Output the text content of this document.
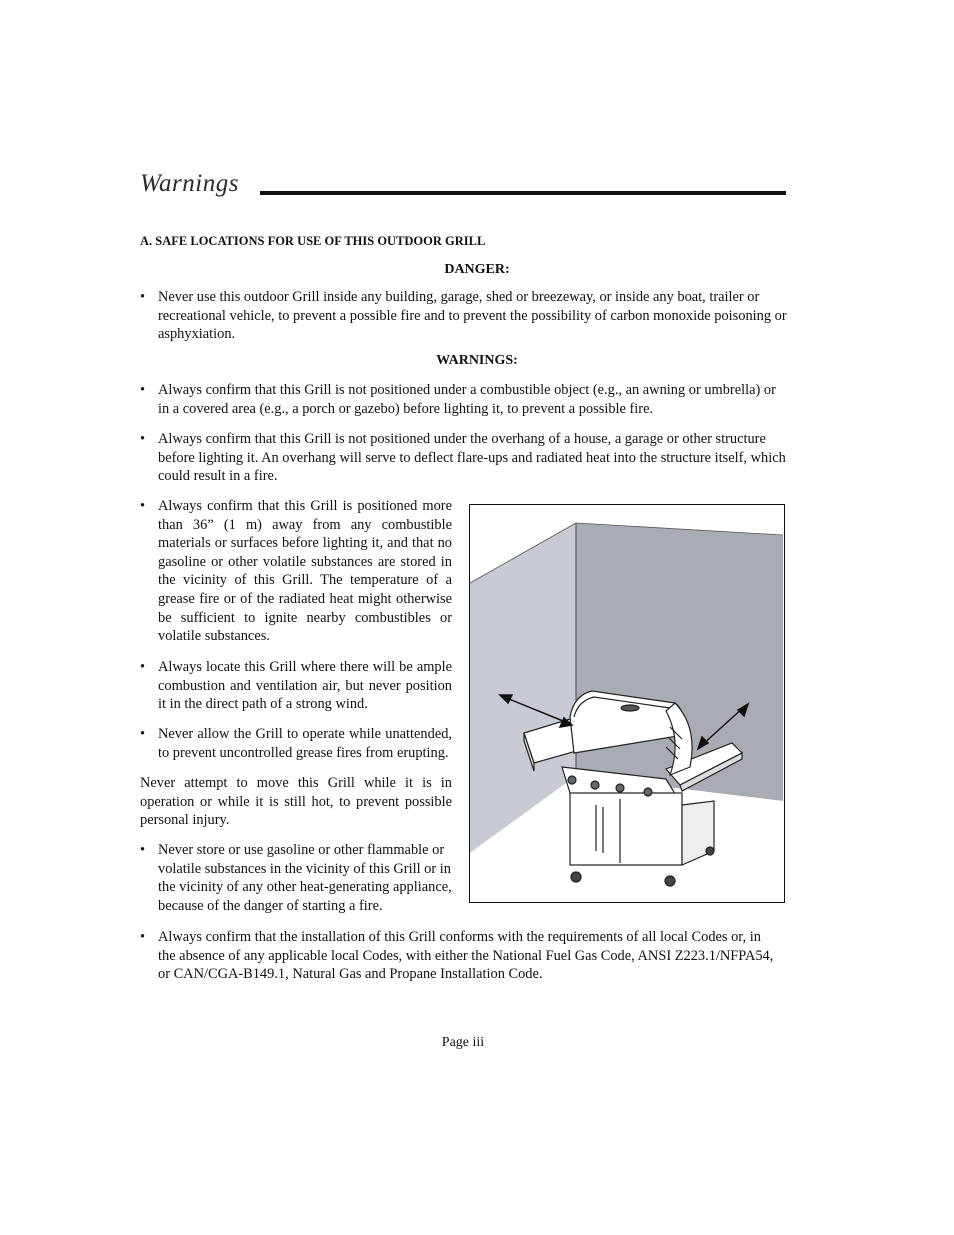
Warnings
A. SAFE LOCATIONS FOR USE OF THIS OUTDOOR GRILL
DANGER:
• Never use this outdoor Grill inside any building, garage, shed or breezeway, or inside any boat, trailer or recreational vehicle, to prevent a possible fire and to prevent the possibility of carbon monoxide poisoning or asphyxiation.
WARNINGS:
• Always confirm that this Grill is not positioned under a combustible object (e.g., an awning or umbrella) or in a covered area (e.g., a porch or gazebo) before lighting it, to prevent a possible fire.
• Always confirm that this Grill is not positioned under the overhang of a house, a garage or other structure before lighting it. An overhang will serve to deflect flare-ups and radiated heat into the structure itself, which could result in a fire.
• Always confirm that this Grill is positioned more than 36” (1 m) away from any combustible materials or surfaces before lighting it, and that no gasoline or other volatile substances are stored in the vicinity of this Grill. The temperature of a grease fire or of the radiated heat might otherwise be sufficient to ignite nearby combustibles or volatile substances.
• Always locate this Grill where there will be ample combustion and ventilation air, but never position it in the direct path of a strong wind.
• Never allow the Grill to operate while unattended, to prevent uncontrolled grease fires from erupting.
Never attempt to move this Grill while it is in operation or while it is still hot, to prevent possible personal injury.
• Never store or use gasoline or other flammable or volatile substances in the vicinity of this Grill or in the vicinity of any other heat-generating appliance, because of the danger of starting a fire.
• Always confirm that the installation of this Grill conforms with the requirements of all local Codes or, in the absence of any applicable local Codes, with either the National Fuel Gas Code, ANSI Z223.1/NFPA54, or CAN/CGA-B149.1, Natural Gas and Propane Installation Code.
Page iii
